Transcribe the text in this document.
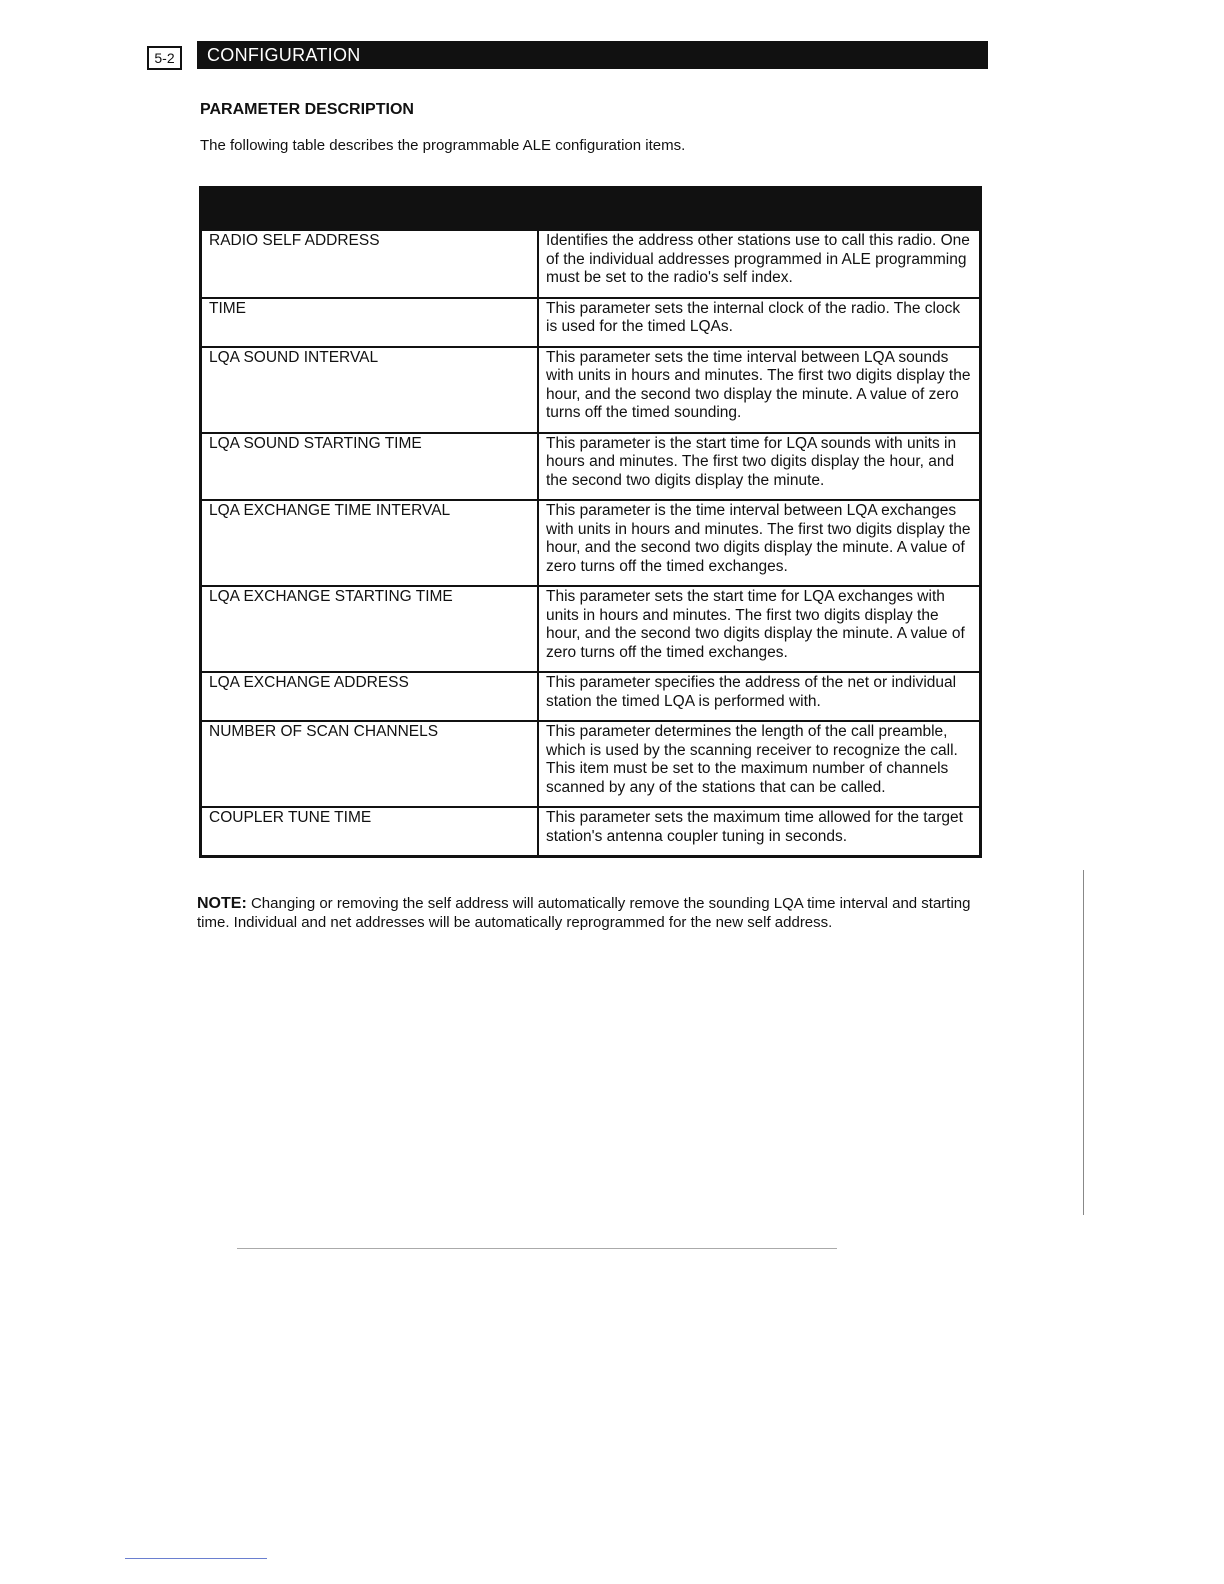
5-2	CONFIGURATION
PARAMETER DESCRIPTION
The following table describes the programmable ALE configuration items.
RADIO SELF ADDRESS	Identifies the address other stations use to call this radio. One of the individual addresses programmed in ALE programming must be set to the radio's self index.
TIME	This parameter sets the internal clock of the radio. The clock is used for the timed LQAs.
LQA SOUND INTERVAL	This parameter sets the time interval between LQA sounds with units in hours and minutes. The first two digits display the hour, and the second two display the minute. A value of zero turns off the timed sounding.
LQA SOUND STARTING TIME	This parameter is the start time for LQA sounds with units in hours and minutes. The first two digits display the hour, and the second two digits display the minute.
LQA EXCHANGE TIME INTERVAL	This parameter is the time interval between LQA exchanges with units in hours and minutes. The first two digits display the hour, and the second two digits display the minute. A value of zero turns off the timed exchanges.
LQA EXCHANGE STARTING TIME	This parameter sets the start time for LQA exchanges with units in hours and minutes. The first two digits display the hour, and the second two digits display the minute. A value of zero turns off the timed exchanges.
LQA EXCHANGE ADDRESS	This parameter specifies the address of the net or individual station the timed LQA is performed with.
NUMBER OF SCAN CHANNELS	This parameter determines the length of the call preamble, which is used by the scanning receiver to recognize the call. This item must be set to the maximum number of channels scanned by any of the stations that can be called.
COUPLER TUNE TIME	This parameter sets the maximum time allowed for the target station's antenna coupler tuning in seconds.
NOTE: Changing or removing the self address will automatically remove the sounding LQA time interval and starting time. Individual and net addresses will be automatically reprogrammed for the new self address.
